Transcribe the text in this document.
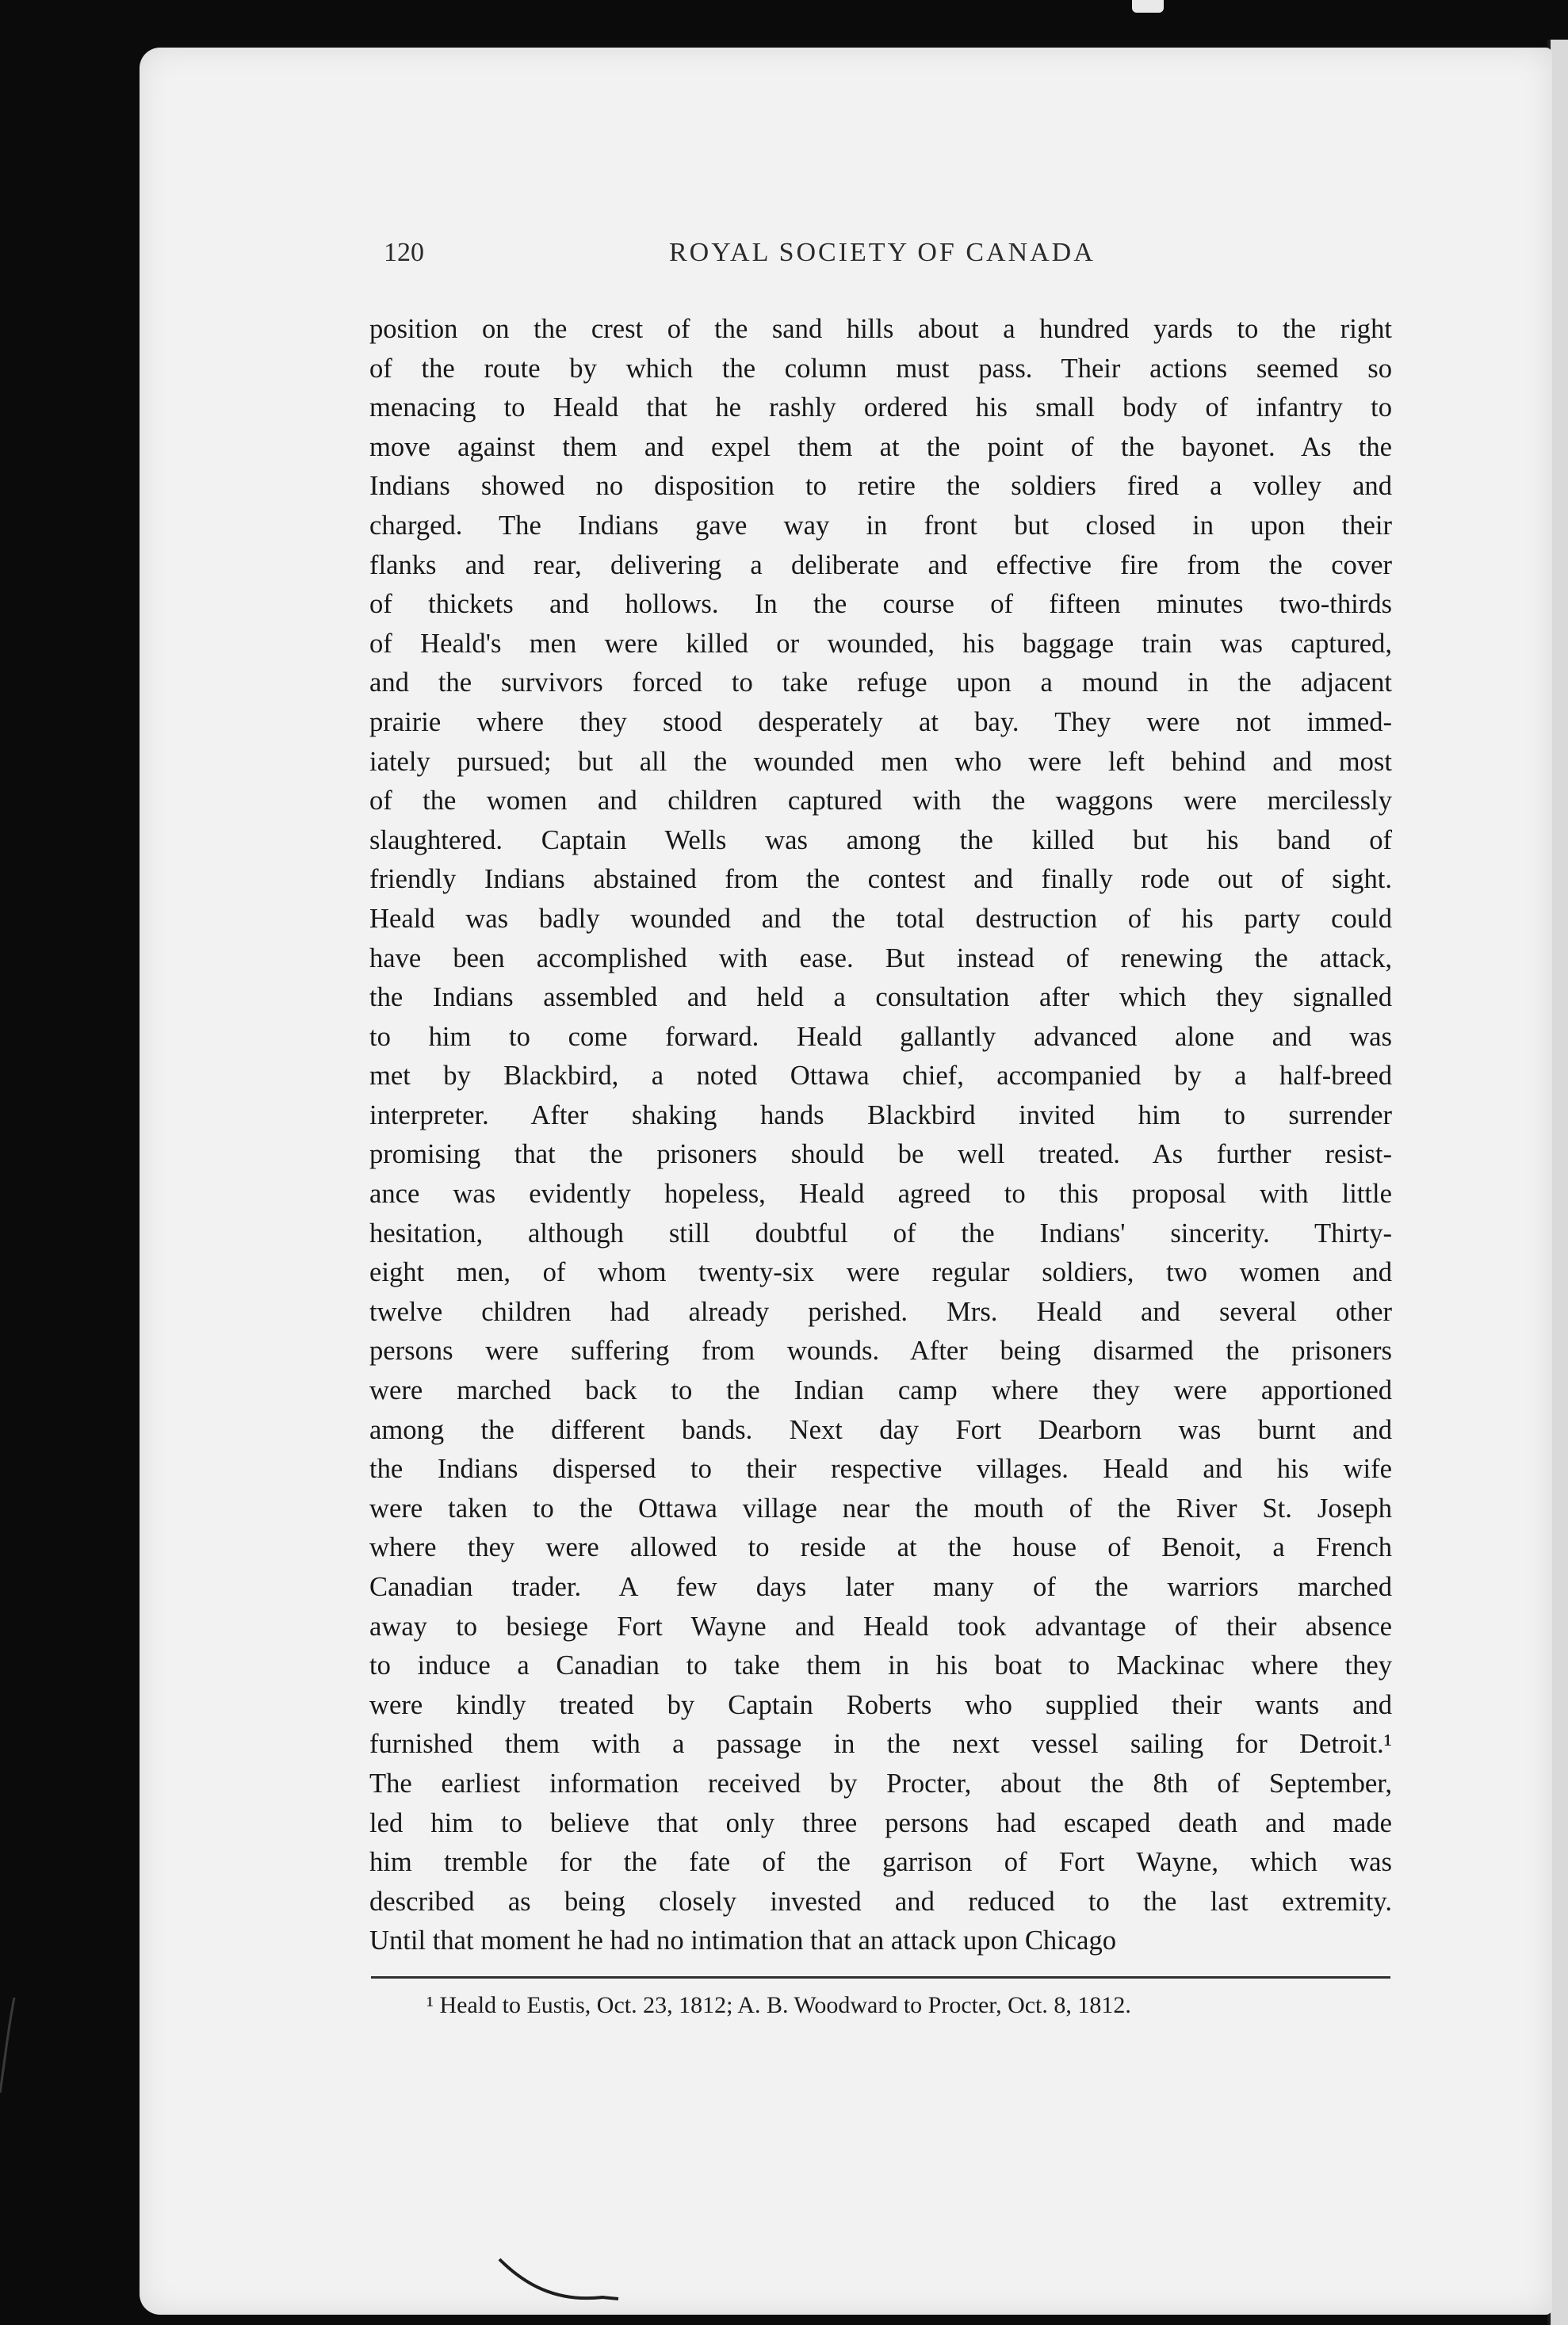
120	ROYAL SOCIETY OF CANADA
position on the crest of the sand hills about a hundred yards to the right
of the route by which the column must pass. Their actions seemed so
menacing to Heald that he rashly ordered his small body of infantry to
move against them and expel them at the point of the bayonet. As the
Indians showed no disposition to retire the soldiers fired a volley and
charged. The Indians gave way in front but closed in upon their
flanks and rear, delivering a deliberate and effective fire from the cover
of thickets and hollows. In the course of fifteen minutes two-thirds
of Heald's men were killed or wounded, his baggage train was captured,
and the survivors forced to take refuge upon a mound in the adjacent
prairie where they stood desperately at bay. They were not immed-
iately pursued; but all the wounded men who were left behind and most
of the women and children captured with the waggons were mercilessly
slaughtered. Captain Wells was among the killed but his band of
friendly Indians abstained from the contest and finally rode out of sight.
Heald was badly wounded and the total destruction of his party could
have been accomplished with ease. But instead of renewing the attack,
the Indians assembled and held a consultation after which they signalled
to him to come forward. Heald gallantly advanced alone and was
met by Blackbird, a noted Ottawa chief, accompanied by a half-breed
interpreter. After shaking hands Blackbird invited him to surrender
promising that the prisoners should be well treated. As further resist-
ance was evidently hopeless, Heald agreed to this proposal with little
hesitation, although still doubtful of the Indians' sincerity. Thirty-
eight men, of whom twenty-six were regular soldiers, two women and
twelve children had already perished. Mrs. Heald and several other
persons were suffering from wounds. After being disarmed the prisoners
were marched back to the Indian camp where they were apportioned
among the different bands. Next day Fort Dearborn was burnt and
the Indians dispersed to their respective villages. Heald and his wife
were taken to the Ottawa village near the mouth of the River St. Joseph
where they were allowed to reside at the house of Benoit, a French
Canadian trader. A few days later many of the warriors marched
away to besiege Fort Wayne and Heald took advantage of their absence
to induce a Canadian to take them in his boat to Mackinac where they
were kindly treated by Captain Roberts who supplied their wants and
furnished them with a passage in the next vessel sailing for Detroit.¹
The earliest information received by Procter, about the 8th of September,
led him to believe that only three persons had escaped death and made
him tremble for the fate of the garrison of Fort Wayne, which was
described as being closely invested and reduced to the last extremity.
Until that moment he had no intimation that an attack upon Chicago
¹ Heald to Eustis, Oct. 23, 1812; A. B. Woodward to Procter, Oct. 8, 1812.
